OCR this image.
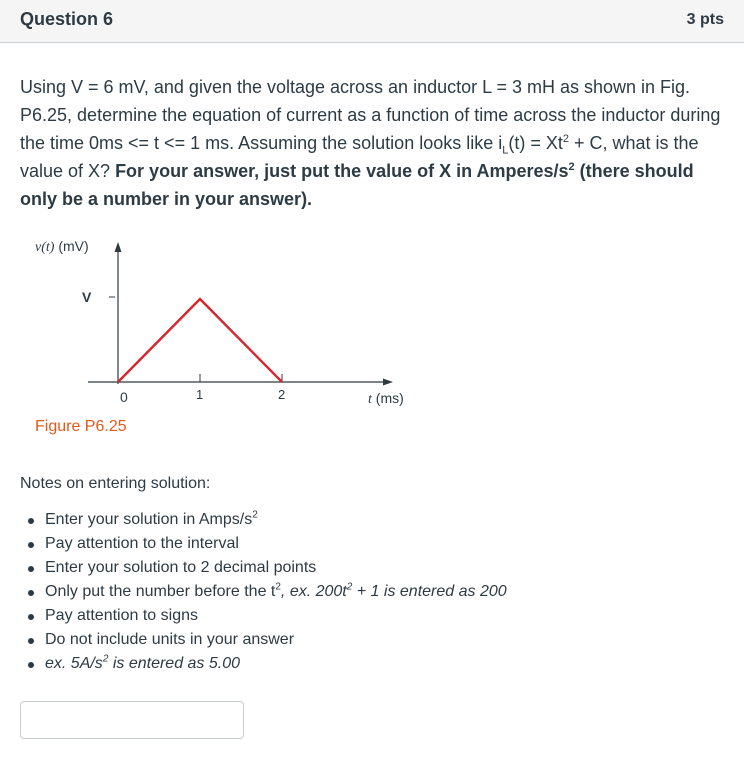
Question 6	3 pts
Using V = 6 mV, and given the voltage across an inductor L = 3 mH as shown in Fig. P6.25, determine the equation of current as a function of time across the inductor during the time 0ms <= t <= 1 ms. Assuming the solution looks like $i_L(t) = Xt^2 + C$, what is the value of X? For your answer, just put the value of X in Amperes/$s^2$ (there should only be a number in your answer).
v(t) (mV)
V
0	1	2	t (ms)
Figure P6.25
Notes on entering solution:
Enter your solution in Amps/$s^2$
Pay attention to the interval
Enter your solution to 2 decimal points
Only put the number before the $t^2$, ex. $200t^2 + 1$ is entered as 200
Pay attention to signs
Do not include units in your answer
ex. $5A/s^2$ is entered as 5.00
